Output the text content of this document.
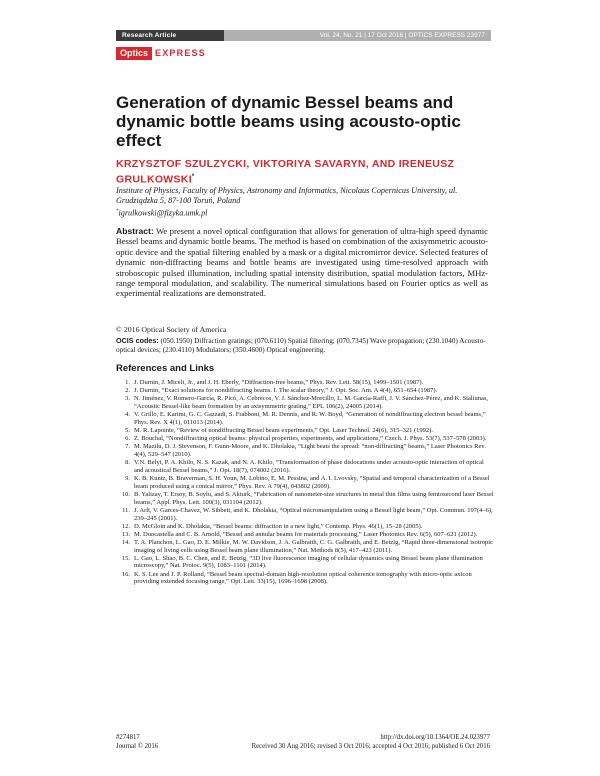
Research Article	Vol. 24, No. 21 | 17 Oct 2016 | OPTICS EXPRESS 23977
Optics EXPRESS
Generation of dynamic Bessel beams and dynamic bottle beams using acousto-optic effect
KRZYSZTOF SZULZYCKI, VIKTORIYA SAVARYN, AND IRENEUSZ GRULKOWSKI*
Institute of Physics, Faculty of Physics, Astronomy and Informatics, Nicolaus Copernicus University, ul. Grudziądzka 5, 87-100 Toruń, Poland
*igrulkowski@fizyka.umk.pl

Abstract: We present a novel optical configuration that allows for generation of ultra-high speed dynamic Bessel beams and dynamic bottle beams. The method is based on combination of the axisymmetric acousto-optic device and the spatial filtering enabled by a mask or a digital micromirror device. Selected features of dynamic non-diffracting beams and bottle beams are investigated using time-resolved approach with stroboscopic pulsed illumination, including spatial intensity distribution, spatial modulation factors, MHz-range temporal modulation, and scalability. The numerical simulations based on Fourier optics as well as experimental realizations are demonstrated.

© 2016 Optical Society of America
OCIS codes: (050.1950) Diffraction gratings; (070.6110) Spatial filtering; (070.7345) Wave propagation; (230.1040) Acousto-optical devices; (230.4110) Modulators; (350.4600) Optical engineering.
References and Links
1. J. Durnin, J. Miceli, Jr., and J. H. Eberly, “Diffraction-free beams,” Phys. Rev. Lett. 58(15), 1499–1501 (1987).
2. J. Durnin, “Exact solutions for nondiffracting beams. I. The scalar theory,” J. Opt. Soc. Am. A 4(4), 651–654 (1987).
3. N. Jiménez, V. Romero-García, R. Picó, A. Cebrecos, V. J. Sánchez-Morcillo, L. M. García-Raffi, J. V. Sánchez-Pérez, and K. Staliunas, “Acoustic Bessel-like beam formation by an axisymmetric grating,” EPL 106(2), 24005 (2014).
4. V. Grillo, E. Karimi, G. C. Gazzadi, S. Frabboni, M. R. Dennis, and R. W. Boyd, “Generation of nondiffracting electron bessel beams,” Phys. Rev. X 4(1), 011013 (2014).
5. M. R. Lapointe, “Review of nondiffracting Bessel beam experiments,” Opt. Laser Technol. 24(6), 315–321 (1992).
6. Z. Bouchal, “Nondiffracting optical beams: physical properties, experiments, and applications,” Czech. J. Phys. 53(7), 537–578 (2003).
7. M. Mazilu, D. J. Stevenson, F. Gunn-Moore, and K. Dholakia, “Light beats the spread: “non-diffracting” beams,” Laser Photonics Rev. 4(4), 529–547 (2010).
8. V.N. Belyi, P. A. Khilo, N. S. Kazak, and N. A. Khilo, “Transformation of phase dislocations under acousto-optic interaction of optical and acoustical Bessel beams,” J. Opt. 18(7), 074002 (2016).
9. K. B. Kuntz, B. Braverman, S. H. Youn, M. Lobino, E. M. Pessina, and A. I. Lvovsky, “Spatial and temporal characterization of a Bessel beam produced using a conical mirror,” Phys. Rev. A 79(4), 043802 (2009).
10. B. Yalizay, T. Ersoy, B. Soylu, and S. Akturk, “Fabrication of nanometer-size structures in metal thin films using femtosecond laser Bessel beams,” Appl. Phys. Lett. 100(3), 031104 (2012).
11. J. Arlt, V. Garces-Chavez, W. Sibbett, and K. Dholakia, “Optical micromanipulation using a Bessel light beam,” Opt. Commun. 197(4–6), 239–245 (2001).
12. D. McGloin and K. Dholakia, “Bessel beams: diffraction in a new light,” Contemp. Phys. 46(1), 15–28 (2005).
13. M. Duocastella and C. B. Arnold, “Bessel and annular beams for materials processing,” Laser Photonics Rev. 6(5), 607–621 (2012).
14. T. A. Planchon, L. Gao, D. E. Milkie, M. W. Davidson, J. A. Galbraith, C. G. Galbraith, and E. Betzig, “Rapid three-dimensional isotropic imaging of living cells using Bessel beam plane illumination,” Nat. Methods 8(5), 417–423 (2011).
15. L. Gao, L. Shao, B. C. Chen, and E. Betzig, “3D live fluorescence imaging of cellular dynamics using Bessel beam plane illumination microscopy,” Nat. Protoc. 9(5), 1083–1101 (2014).
16. K. S. Lee and J. P. Rolland, “Bessel beam spectral-domain high-resolution optical coherence tomography with micro-optic axicon providing extended focusing range,” Opt. Lett. 33(15), 1696–1698 (2008).
#274817
Journal © 2016
http://dx.doi.org/10.1364/OE.24.023977
Received 30 Aug 2016; revised 3 Oct 2016; accepted 4 Oct 2016; published 6 Oct 2016
